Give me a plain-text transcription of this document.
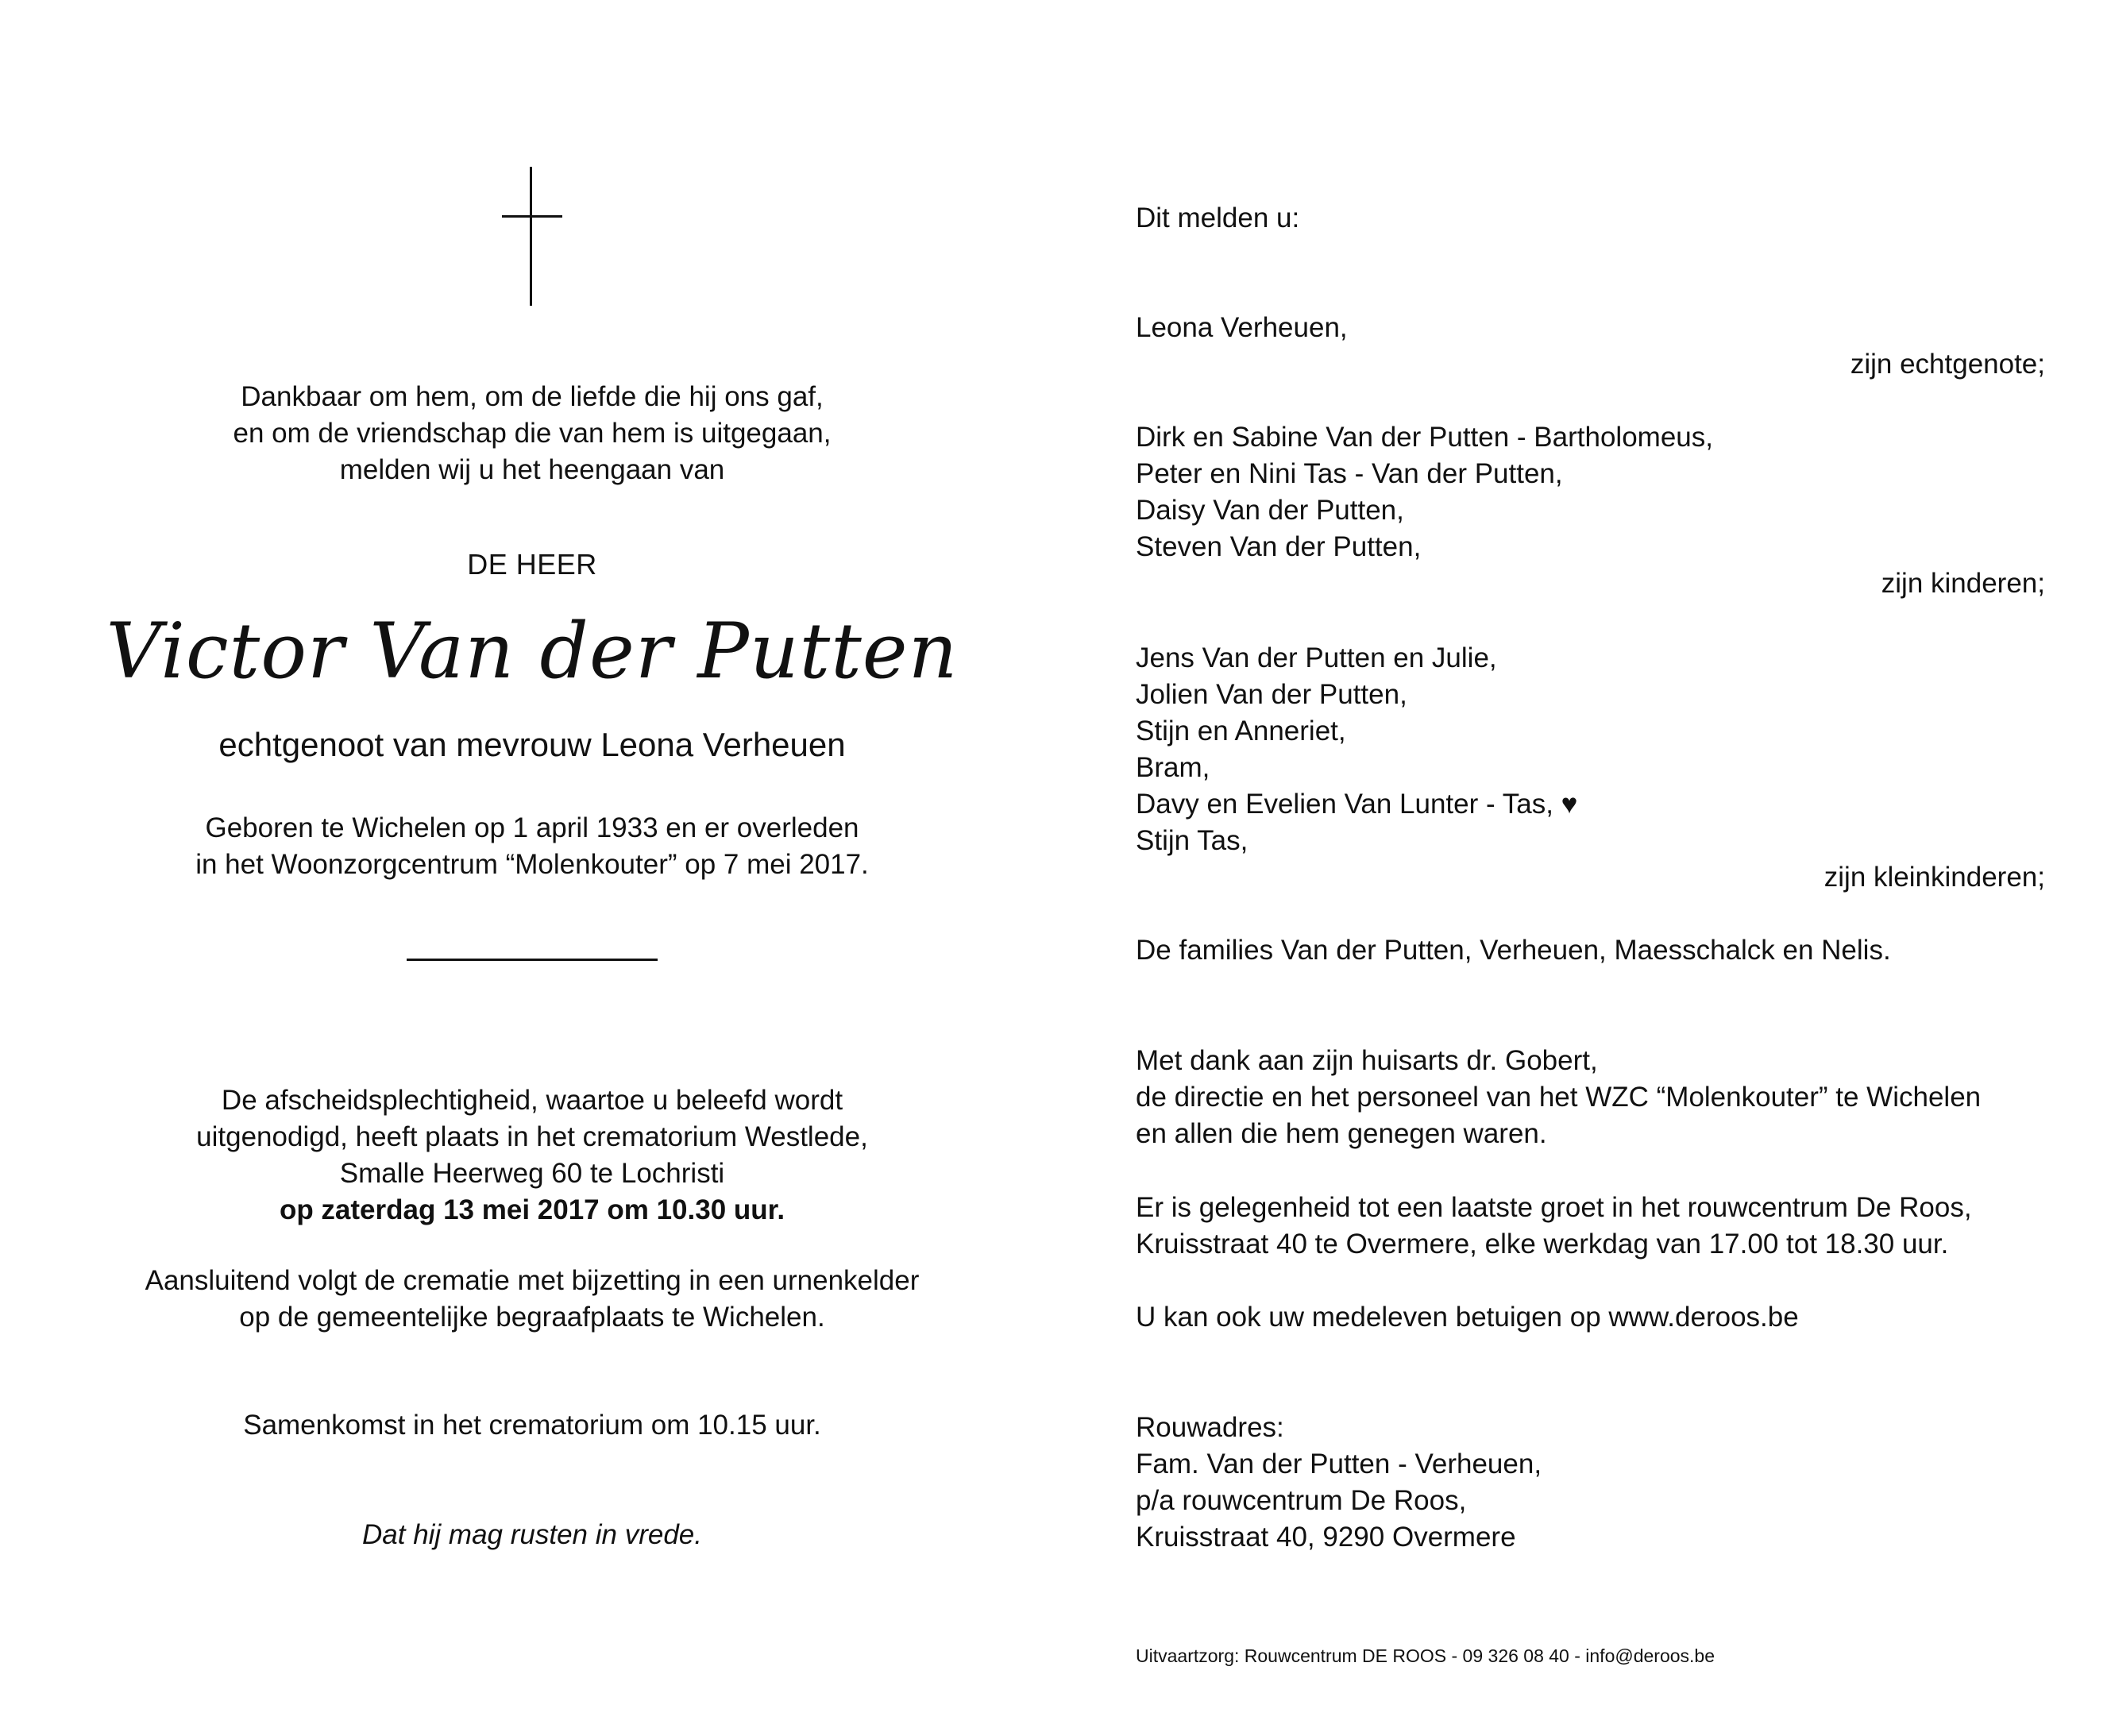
Dankbaar om hem, om de liefde die hij ons gaf,
en om de vriendschap die van hem is uitgegaan,
melden wij u het heengaan van
DE HEER
Victor Van der Putten
echtgenoot van mevrouw Leona Verheuen
Geboren te Wichelen op 1 april 1933 en er overleden
in het Woonzorgcentrum “Molenkouter” op 7 mei 2017.
De afscheidsplechtigheid, waartoe u beleefd wordt
uitgenodigd, heeft plaats in het crematorium Westlede,
Smalle Heerweg 60 te Lochristi
op zaterdag 13 mei 2017 om 10.30 uur.
Aansluitend volgt de crematie met bijzetting in een urnenkelder
op de gemeentelijke begraafplaats te Wichelen.
Samenkomst in het crematorium om 10.15 uur.
Dat hij mag rusten in vrede.
Dit melden u:
Leona Verheuen,
zijn echtgenote;
Dirk en Sabine Van der Putten - Bartholomeus,
Peter en Nini Tas - Van der Putten,
Daisy Van der Putten,
Steven Van der Putten,
zijn kinderen;
Jens Van der Putten en Julie,
Jolien Van der Putten,
Stijn en Anneriet,
Bram,
Davy en Evelien Van Lunter - Tas, ♥
Stijn Tas,
zijn kleinkinderen;
De families Van der Putten, Verheuen, Maesschalck en Nelis.
Met dank aan zijn huisarts dr. Gobert,
de directie en het personeel van het WZC “Molenkouter” te Wichelen
en allen die hem genegen waren.
Er is gelegenheid tot een laatste groet in het rouwcentrum De Roos,
Kruisstraat 40 te Overmere, elke werkdag van 17.00 tot 18.30 uur.
U kan ook uw medeleven betuigen op www.deroos.be
Rouwadres:
Fam. Van der Putten - Verheuen,
p/a rouwcentrum De Roos,
Kruisstraat 40, 9290 Overmere
Uitvaartzorg: Rouwcentrum DE ROOS - 09 326 08 40 - info@deroos.be
